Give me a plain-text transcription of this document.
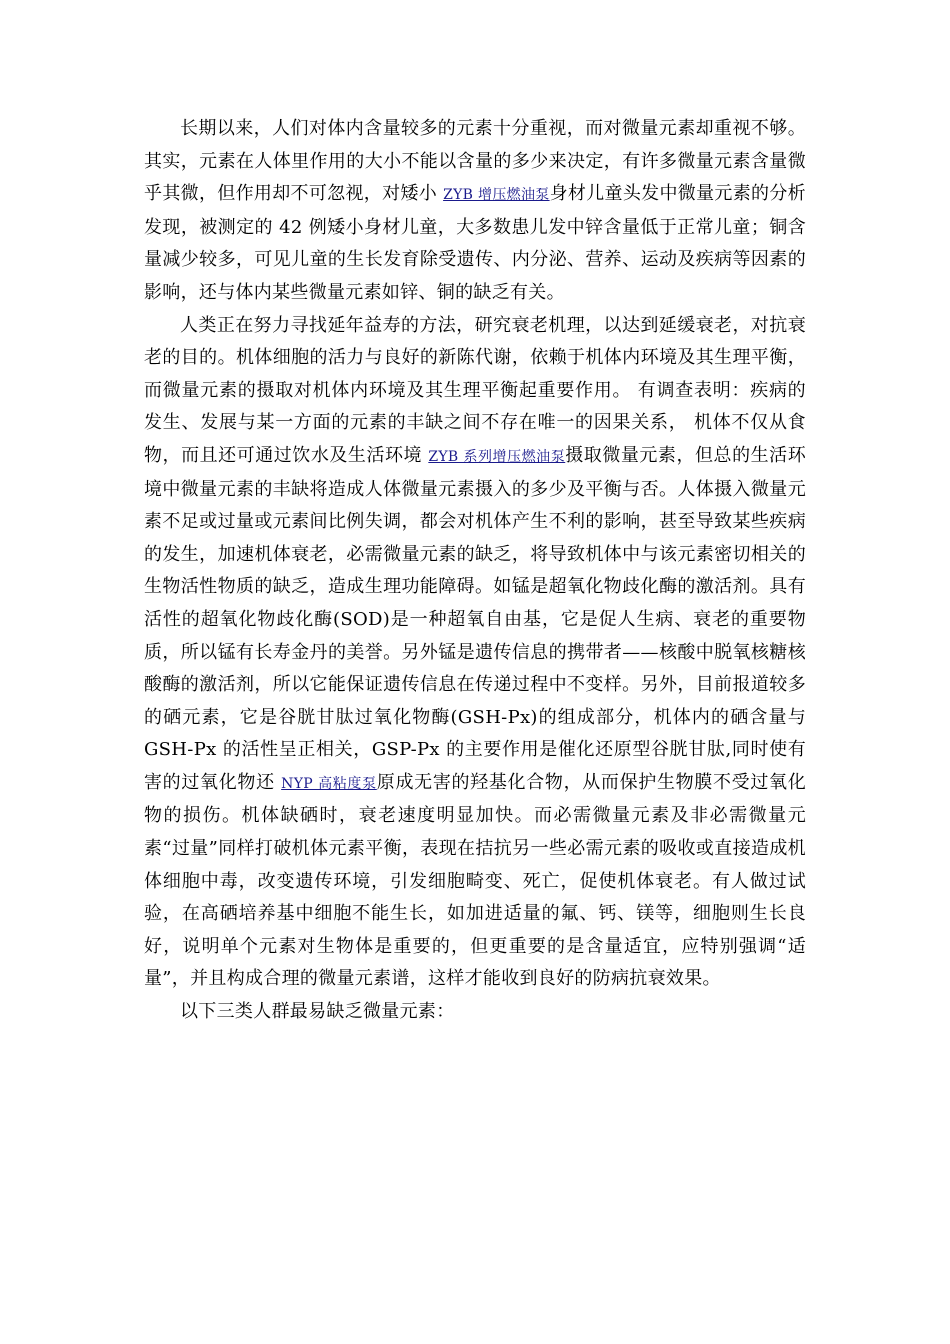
长期以来，人们对体内含量较多的元素十分重视，而对微量元素却重视不够。其实，元素在人体里作用的大小不能以含量的多少来决定，有许多微量元素含量微乎其微，但作用却不可忽视，对矮小 ZYB 增压燃油泵身材儿童头发中微量元素的分析发现，被测定的 42 例矮小身材儿童，大多数患儿发中锌含量低于正常儿童；铜含量减少较多，可见儿童的生长发育除受遗传、内分泌、营养、运动及疾病等因素的影响，还与体内某些微量元素如锌、铜的缺乏有关。

人类正在努力寻找延年益寿的方法，研究衰老机理，以达到延缓衰老，对抗衰老的目的。机体细胞的活力与良好的新陈代谢，依赖于机体内环境及其生理平衡，而微量元素的摄取对机体内环境及其生理平衡起重要作用。 有调查表明：疾病的发生、发展与某一方面的元素的丰缺之间不存在唯一的因果关系， 机体不仅从食物，而且还可通过饮水及生活环境 ZYB 系列增压燃油泵摄取微量元素，但总的生活环境中微量元素的丰缺将造成人体微量元素摄入的多少及平衡与否。人体摄入微量元素不足或过量或元素间比例失调，都会对机体产生不利的影响，甚至导致某些疾病的发生，加速机体衰老，必需微量元素的缺乏，将导致机体中与该元素密切相关的生物活性物质的缺乏，造成生理功能障碍。如锰是超氧化物歧化酶的激活剂。具有活性的超氧化物歧化酶(SOD)是一种超氧自由基，它是促人生病、衰老的重要物质，所以锰有长寿金丹的美誉。另外锰是遗传信息的携带者——核酸中脱氧核糖核酸酶的激活剂，所以它能保证遗传信息在传递过程中不变样。另外，目前报道较多的硒元素，它是谷胱甘肽过氧化物酶(GSH-Px)的组成部分，机体内的硒含量与 GSH-Px 的活性呈正相关，GSP-Px 的主要作用是催化还原型谷胱甘肽,同时使有害的过氧化物还 NYP 高粘度泵原成无害的羟基化合物，从而保护生物膜不受过氧化物的损伤。机体缺硒时，衰老速度明显加快。而必需微量元素及非必需微量元素“过量”同样打破机体元素平衡，表现在拮抗另一些必需元素的吸收或直接造成机体细胞中毒，改变遗传环境，引发细胞畸变、死亡，促使机体衰老。有人做过试验，在高硒培养基中细胞不能生长，如加进适量的氟、钙、镁等，细胞则生长良好，说明单个元素对生物体是重要的，但更重要的是含量适宜，应特别强调“适量”，并且构成合理的微量元素谱，这样才能收到良好的防病抗衰效果。

以下三类人群最易缺乏微量元素：
